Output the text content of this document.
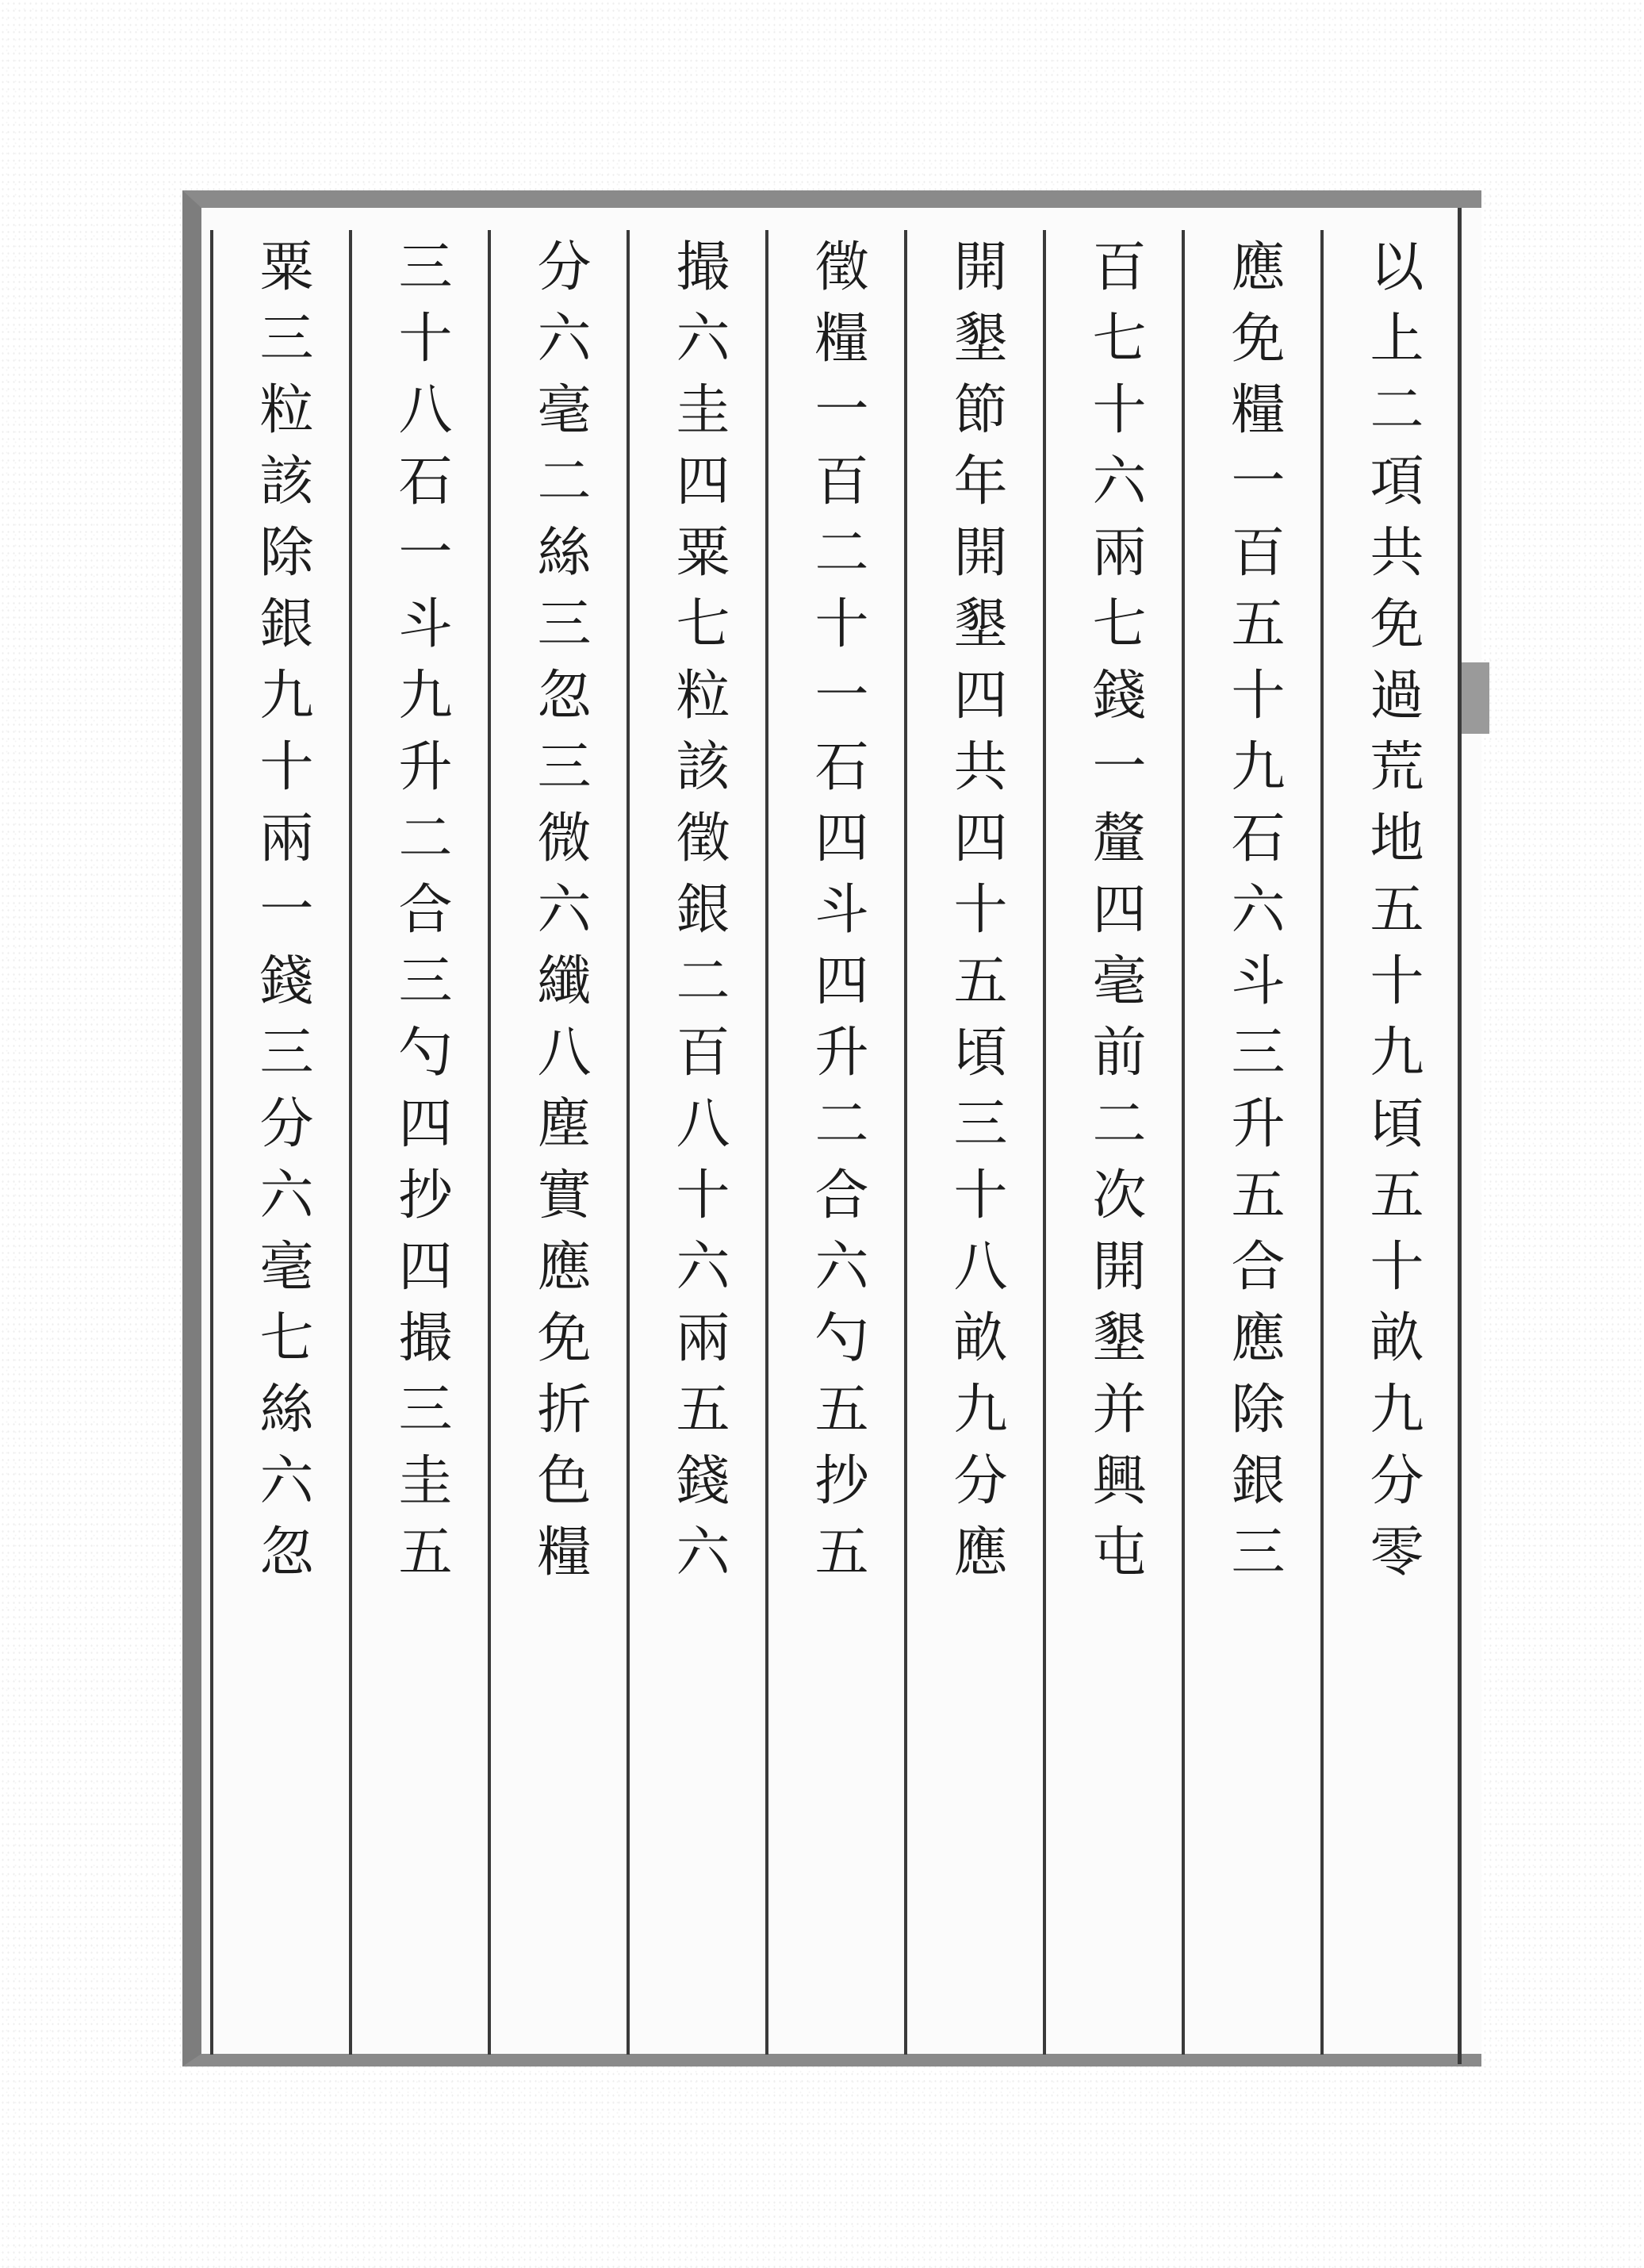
以上二項共免過荒地五十九頃五十畝九分零
應免糧一百五十九石六斗三升五合應除銀三
百七十六兩七錢一釐四毫前二次開墾并興屯
開墾節年開墾四共四十五頃三十八畝九分應
徵糧一百二十一石四斗四升二合六勺五抄五
撮六圭四粟七粒該徵銀二百八十六兩五錢六
分六毫二絲三忽三微六纖八塵實應免折色糧
三十八石一斗九升二合三勺四抄四撮三圭五
粟三粒該除銀九十兩一錢三分六毫七絲六忽
